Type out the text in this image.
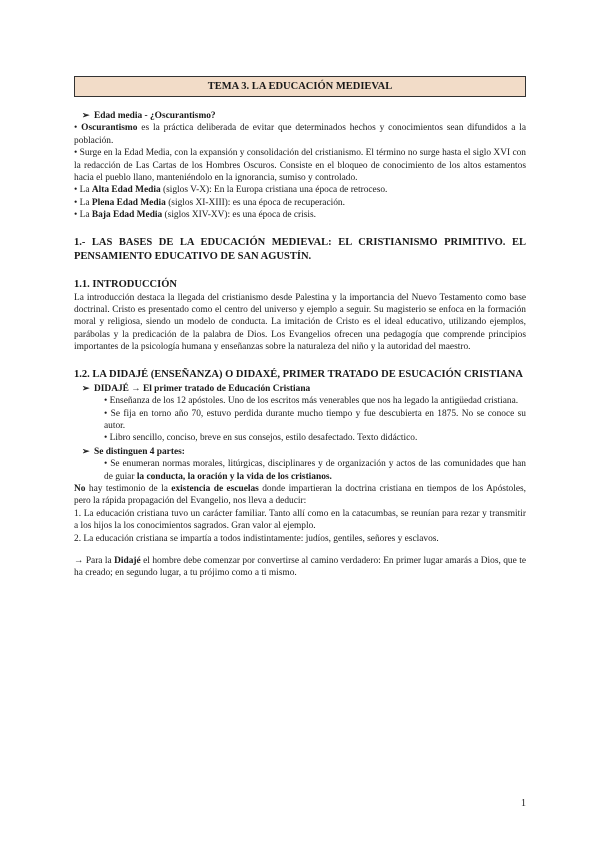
TEMA 3. LA EDUCACIÓN MEDIEVAL
➢ Edad media - ¿Oscurantismo?

• Oscurantismo es la práctica deliberada de evitar que determinados hechos y conocimientos sean difundidos a la población.

• Surge en la Edad Media, con la expansión y consolidación del cristianismo. El término no surge hasta el siglo XVI con la redacción de Las Cartas de los Hombres Oscuros. Consiste en el bloqueo de conocimiento de los altos estamentos hacia el pueblo llano, manteniéndolo en la ignorancia, sumiso y controlado.

• La Alta Edad Media (siglos V-X): En la Europa cristiana una época de retroceso.

• La Plena Edad Media (siglos XI-XIII): es una época de recuperación.

• La Baja Edad Media (siglos XIV-XV): es una época de crisis.

1.- LAS BASES DE LA EDUCACIÓN MEDIEVAL: EL CRISTIANISMO PRIMITIVO. EL PENSAMIENTO EDUCATIVO DE SAN AGUSTÍN.

1.1. INTRODUCCIÓN

La introducción destaca la llegada del cristianismo desde Palestina y la importancia del Nuevo Testamento como base doctrinal. Cristo es presentado como el centro del universo y ejemplo a seguir. Su magisterio se enfoca en la formación moral y religiosa, siendo un modelo de conducta. La imitación de Cristo es el ideal educativo, utilizando ejemplos, parábolas y la predicación de la palabra de Dios. Los Evangelios ofrecen una pedagogía que comprende principios importantes de la psicología humana y enseñanzas sobre la naturaleza del niño y la autoridad del maestro.

1.2. LA DIDAJÉ (ENSEÑANZA) O DIDAXÉ, PRIMER TRATADO DE ESUCACIÓN CRISTIANA

➢ DIDAJÉ → El primer tratado de Educación Cristiana

• Enseñanza de los 12 apóstoles. Uno de los escritos más venerables que nos ha legado la antigüedad cristiana.

• Se fija en torno año 70, estuvo perdida durante mucho tiempo y fue descubierta en 1875. No se conoce su autor.

• Libro sencillo, conciso, breve en sus consejos, estilo desafectado. Texto didáctico.

➢ Se distinguen 4 partes:

• Se enumeran normas morales, litúrgicas, disciplinares y de organización y actos de las comunidades que han de guiar la conducta, la oración y la vida de los cristianos.

No hay testimonio de la existencia de escuelas donde impartieran la doctrina cristiana en tiempos de los Apóstoles, pero la rápida propagación del Evangelio, nos lleva a deducir:

1. La educación cristiana tuvo un carácter familiar. Tanto allí como en la catacumbas, se reunían para rezar y transmitir a los hijos la los conocimientos sagrados. Gran valor al ejemplo.

2. La educación cristiana se impartía a todos indistintamente: judíos, gentiles, señores y esclavos.

→ Para la Didajé el hombre debe comenzar por convertirse al camino verdadero: En primer lugar amarás a Dios, que te ha creado; en segundo lugar, a tu prójimo como a ti mismo.

1
